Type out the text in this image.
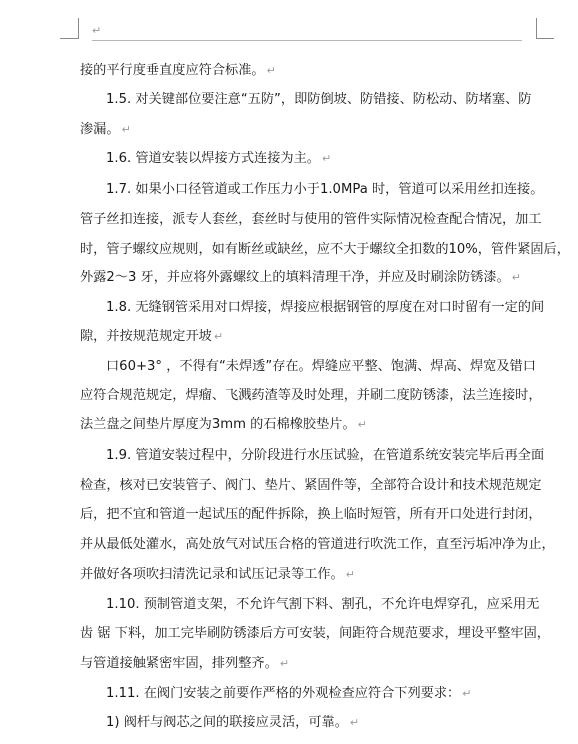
↵
接的平行度垂直度应符合标准。 ↵
1.5. 对关键部位要注意“五防”，即防倒坡、防错接、防松动、防堵塞、防
渗漏。 ↵
1.6. 管道安装以焊接方式连接为主。 ↵
1.7. 如果小口径管道或工作压力小于1.0MPa 时，管道可以采用丝扣连接。
管子丝扣连接，派专人套丝，套丝时与使用的管件实际情况检查配合情况，加工
时，管子螺纹应规则，如有断丝或缺丝，应不大于螺纹全扣数的10%，管件紧固后，
外露2～3 牙，并应将外露螺纹上的填料清理干净，并应及时刷涂防锈漆。 ↵
1.8. 无缝钢管采用对口焊接，焊接应根据钢管的厚度在对口时留有一定的间
隙，并按规范规定开坡 ↵
口60+3° ，不得有“未焊透”存在。焊缝应平整、饱满、焊高、焊宽及错口
应符合规范规定，焊瘤、飞溅药渣等及时处理，并刷二度防锈漆，法兰连接时，
法兰盘之间垫片厚度为3mm 的石棉橡胶垫片。 ↵
1.9. 管道安装过程中，分阶段进行水压试验，在管道系统安装完毕后再全面
检查，核对已安装管子、阀门、垫片、紧固件等，全部符合设计和技术规范规定
后，把不宜和管道一起试压的配件拆除，换上临时短管，所有开口处进行封闭，
并从最低处灌水，高处放气对试压合格的管道进行吹洗工作，直至污垢冲净为止，
并做好各项吹扫清洗记录和试压记录等工作。 ↵
1.10. 预制管道支架，不允许气割下料、割孔，不允许电焊穿孔，应采用无
齿 锯 下料，加工完毕刷防锈漆后方可安装，间距符合规范要求，埋设平整牢固，
与管道接触紧密牢固，排列整齐。 ↵
1.11. 在阀门安装之前要作严格的外观检查应符合下列要求： ↵
1) 阀杆与阀芯之间的联接应灵活，可靠。 ↵
